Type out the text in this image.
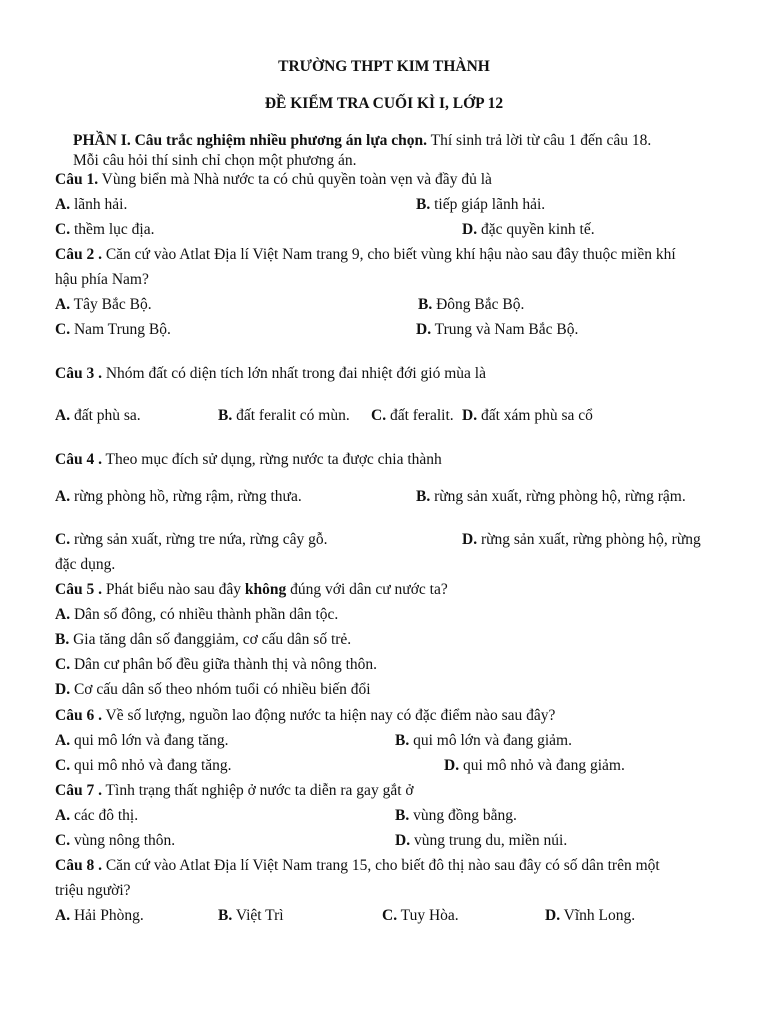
TRƯỜNG THPT KIM THÀNH
ĐỀ KIỂM TRA CUỐI KÌ I, LỚP 12
PHẦN I. Câu trắc nghiệm nhiều phương án lựa chọn. Thí sinh trả lời từ câu 1 đến câu 18.
Mỗi câu hỏi thí sinh chỉ chọn một phương án.
Câu 1. Vùng biển mà Nhà nước ta có chủ quyền toàn vẹn và đầy đủ là
A. lãnh hải.	B. tiếp giáp lãnh hải.
C. thềm lục địa.	D. đặc quyền kinh tế.
Câu 2 . Căn cứ vào Atlat Địa lí Việt Nam trang 9, cho biết vùng khí hậu nào sau đây thuộc miền khí
hậu phía Nam?
A. Tây Bắc Bộ.	B. Đông Bắc Bộ.
C. Nam Trung Bộ.	D. Trung và Nam Bắc Bộ.
Câu 3 . Nhóm đất có diện tích lớn nhất trong đai nhiệt đới gió mùa là
A. đất phù sa.	B. đất feralit có mùn. C. đất feralit. D. đất xám phù sa cổ
Câu 4 . Theo mục đích sử dụng, rừng nước ta được chia thành
A. rừng phòng hồ, rừng rậm, rừng thưa.	B. rừng sản xuất, rừng phòng hộ, rừng rậm.
C. rừng sản xuất, rừng tre nứa, rừng cây gỗ.	D. rừng sản xuất, rừng phòng hộ, rừng
đặc dụng.
Câu 5 . Phát biểu nào sau đây không đúng với dân cư nước ta?
A. Dân số đông, có nhiều thành phần dân tộc.
B. Gia tăng dân số đanggiảm, cơ cấu dân số trẻ.
C. Dân cư phân bố đều giữa thành thị và nông thôn.
D. Cơ cấu dân số theo nhóm tuổi có nhiều biến đổi
Câu 6 . Về số lượng, nguồn lao động nước ta hiện nay có đặc điểm nào sau đây?
A. qui mô lớn và đang tăng.	B. qui mô lớn và đang giảm.
C. qui mô nhỏ và đang tăng.	D. qui mô nhỏ và đang giảm.
Câu 7 . Tình trạng thất nghiệp ở nước ta diễn ra gay gắt ở
A. các đô thị.	B. vùng đồng bằng.
C. vùng nông thôn.	D. vùng trung du, miền núi.
Câu 8 . Căn cứ vào Atlat Địa lí Việt Nam trang 15, cho biết đô thị nào sau đây có số dân trên một
triệu người?
A. Hải Phòng.	B. Việt Trì	C. Tuy Hòa.	D. Vĩnh Long.
